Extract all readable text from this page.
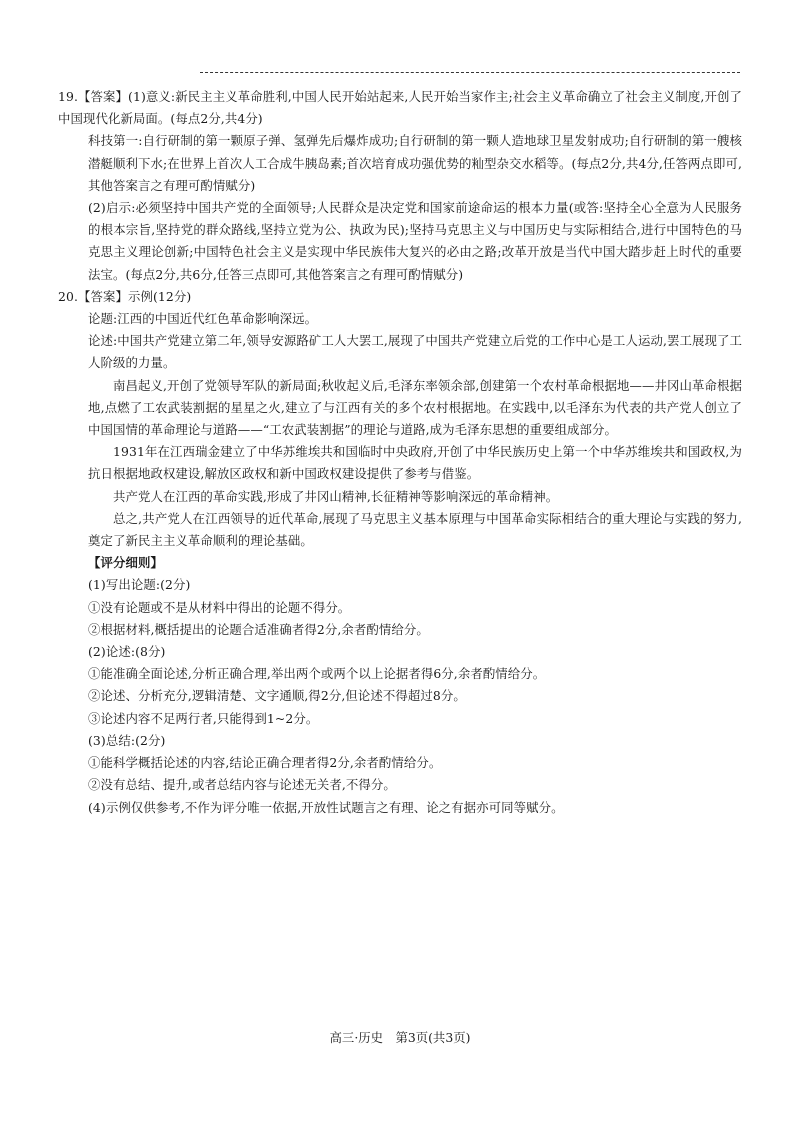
19.【答案】(1)意义:新民主主义革命胜利,中国人民开始站起来,人民开始当家作主;社会主义革命确立了社会主义制度,开创了中国现代化新局面。(每点2分,共4分)

科技第一:自行研制的第一颗原子弹、氢弹先后爆炸成功;自行研制的第一颗人造地球卫星发射成功;自行研制的第一艘核潜艇顺利下水;在世界上首次人工合成牛胰岛素;首次培育成功强优势的籼型杂交水稻等。(每点2分,共4分,任答两点即可,其他答案言之有理可酌情赋分)

(2)启示:必须坚持中国共产党的全面领导;人民群众是决定党和国家前途命运的根本力量(或答:坚持全心全意为人民服务的根本宗旨,坚持党的群众路线,坚持立党为公、执政为民);坚持马克思主义与中国历史与实际相结合,进行中国特色的马克思主义理论创新;中国特色社会主义是实现中华民族伟大复兴的必由之路;改革开放是当代中国大踏步赶上时代的重要法宝。(每点2分,共6分,任答三点即可,其他答案言之有理可酌情赋分)

20.【答案】示例(12分)

论题:江西的中国近代红色革命影响深远。

论述:中国共产党建立第二年,领导安源路矿工人大罢工,展现了中国共产党建立后党的工作中心是工人运动,罢工展现了工人阶级的力量。

南昌起义,开创了党领导军队的新局面;秋收起义后,毛泽东率领余部,创建第一个农村革命根据地——井冈山革命根据地,点燃了工农武装割据的星星之火,建立了与江西有关的多个农村根据地。在实践中,以毛泽东为代表的共产党人创立了中国国情的革命理论与道路——“工农武装割据”的理论与道路,成为毛泽东思想的重要组成部分。

1931年在江西瑞金建立了中华苏维埃共和国临时中央政府,开创了中华民族历史上第一个中华苏维埃共和国政权,为抗日根据地政权建设,解放区政权和新中国政权建设提供了参考与借鉴。

共产党人在江西的革命实践,形成了井冈山精神,长征精神等影响深远的革命精神。

总之,共产党人在江西领导的近代革命,展现了马克思主义基本原理与中国革命实际相结合的重大理论与实践的努力,奠定了新民主主义革命顺利的理论基础。

【评分细则】

(1)写出论题:(2分)

①没有论题或不是从材料中得出的论题不得分。

②根据材料,概括提出的论题合适准确者得2分,余者酌情给分。

(2)论述:(8分)

①能准确全面论述,分析正确合理,举出两个或两个以上论据者得6分,余者酌情给分。

②论述、分析充分,逻辑清楚、文字通顺,得2分,但论述不得超过8分。

③论述内容不足两行者,只能得到1~2分。

(3)总结:(2分)

①能科学概括论述的内容,结论正确合理者得2分,余者酌情给分。

②没有总结、提升,或者总结内容与论述无关者,不得分。

(4)示例仅供参考,不作为评分唯一依据,开放性试题言之有理、论之有据亦可同等赋分。

高三·历史　第3页(共3页)
